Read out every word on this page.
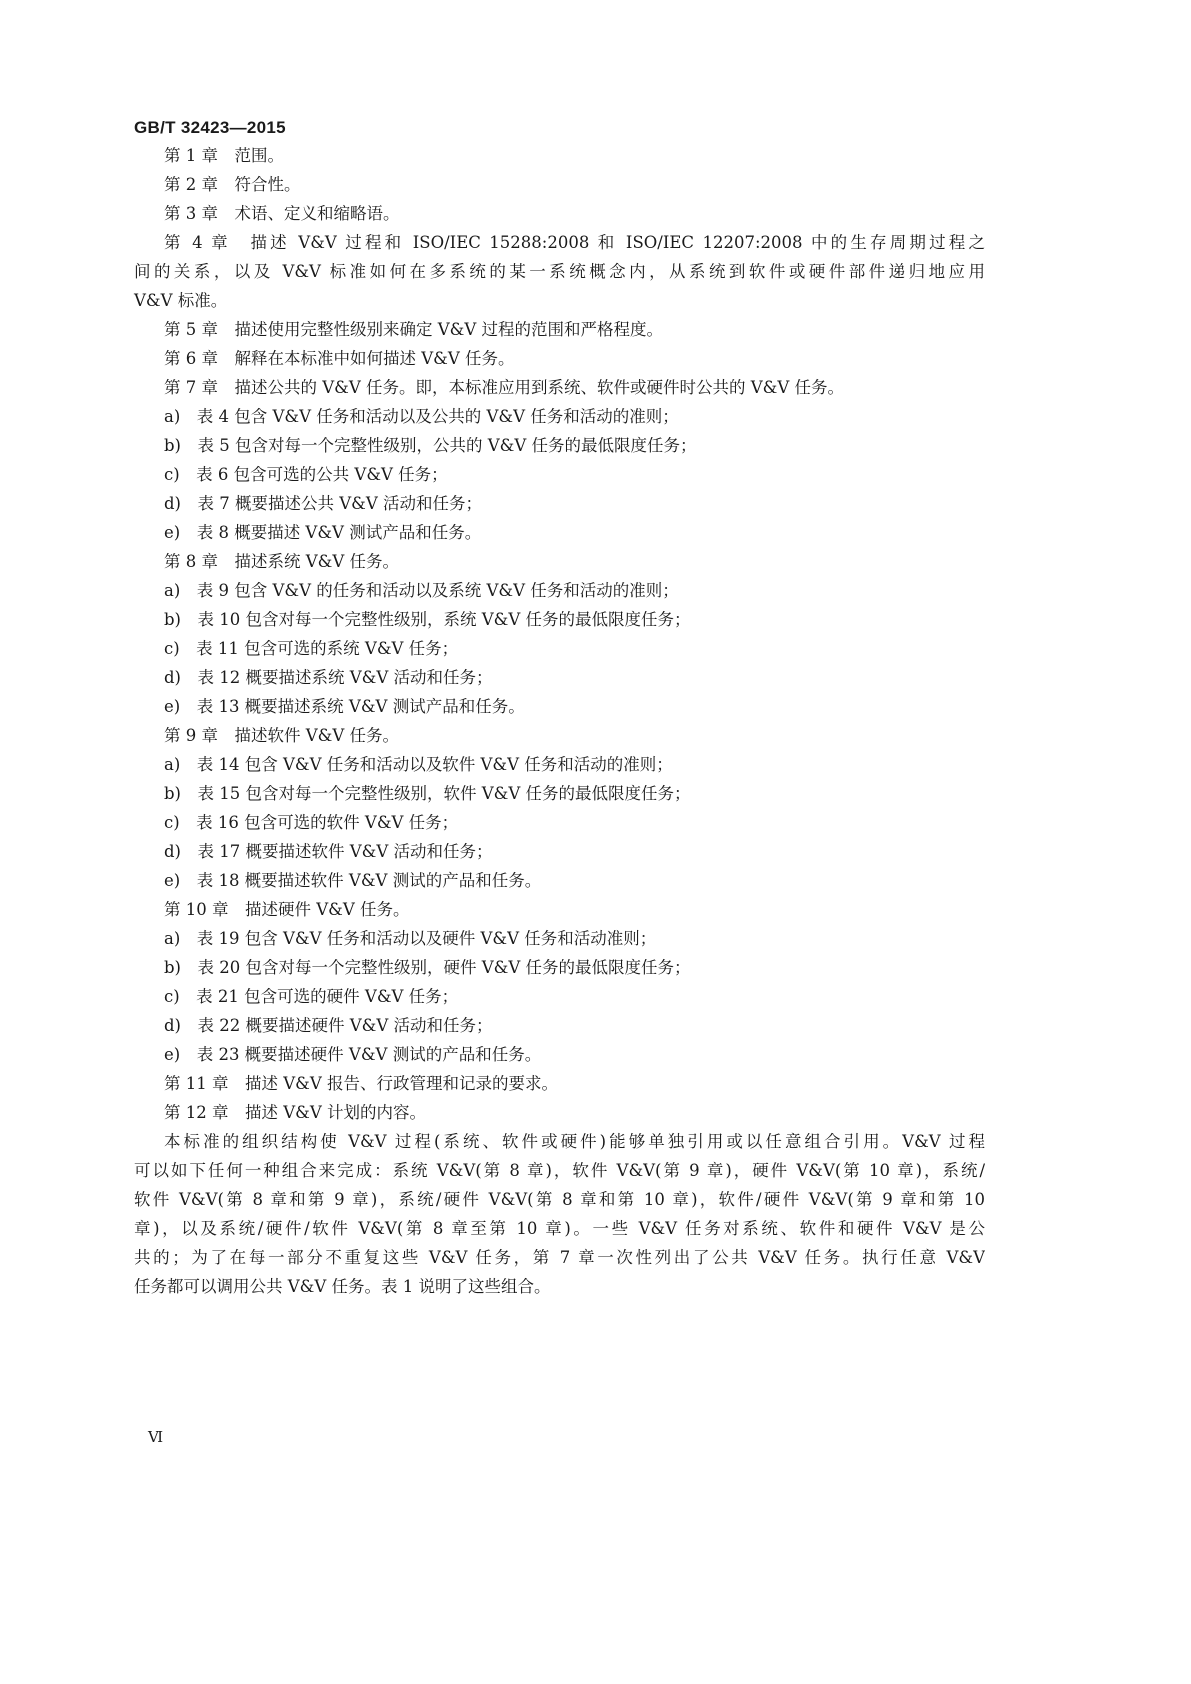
GB/T 32423—2015
第 1 章　范围。
第 2 章　符合性。
第 3 章　术语、定义和缩略语。
第 4 章　描述 V&V 过程和 ISO/IEC 15288:2008 和 ISO/IEC 12207:2008 中的生存周期过程之
间的关系，以及 V&V 标准如何在多系统的某一系统概念内，从系统到软件或硬件部件递归地应用
V&V 标准。
第 5 章　描述使用完整性级别来确定 V&V 过程的范围和严格程度。
第 6 章　解释在本标准中如何描述 V&V 任务。
第 7 章　描述公共的 V&V 任务。即，本标准应用到系统、软件或硬件时公共的 V&V 任务。
a)　表 4 包含 V&V 任务和活动以及公共的 V&V 任务和活动的准则；
b)　表 5 包含对每一个完整性级别，公共的 V&V 任务的最低限度任务；
c)　表 6 包含可选的公共 V&V 任务；
d)　表 7 概要描述公共 V&V 活动和任务；
e)　表 8 概要描述 V&V 测试产品和任务。
第 8 章　描述系统 V&V 任务。
a)　表 9 包含 V&V 的任务和活动以及系统 V&V 任务和活动的准则；
b)　表 10 包含对每一个完整性级别，系统 V&V 任务的最低限度任务；
c)　表 11 包含可选的系统 V&V 任务；
d)　表 12 概要描述系统 V&V 活动和任务；
e)　表 13 概要描述系统 V&V 测试产品和任务。
第 9 章　描述软件 V&V 任务。
a)　表 14 包含 V&V 任务和活动以及软件 V&V 任务和活动的准则；
b)　表 15 包含对每一个完整性级别，软件 V&V 任务的最低限度任务；
c)　表 16 包含可选的软件 V&V 任务；
d)　表 17 概要描述软件 V&V 活动和任务；
e)　表 18 概要描述软件 V&V 测试的产品和任务。
第 10 章　描述硬件 V&V 任务。
a)　表 19 包含 V&V 任务和活动以及硬件 V&V 任务和活动准则；
b)　表 20 包含对每一个完整性级别，硬件 V&V 任务的最低限度任务；
c)　表 21 包含可选的硬件 V&V 任务；
d)　表 22 概要描述硬件 V&V 活动和任务；
e)　表 23 概要描述硬件 V&V 测试的产品和任务。
第 11 章　描述 V&V 报告、行政管理和记录的要求。
第 12 章　描述 V&V 计划的内容。
本标准的组织结构使 V&V 过程(系统、软件或硬件)能够单独引用或以任意组合引用。V&V 过程
可以如下任何一种组合来完成：系统 V&V(第 8 章)，软件 V&V(第 9 章)，硬件 V&V(第 10 章)，系统/
软件 V&V(第 8 章和第 9 章)，系统/硬件 V&V(第 8 章和第 10 章)，软件/硬件 V&V(第 9 章和第 10
章)，以及系统/硬件/软件 V&V(第 8 章至第 10 章)。一些 V&V 任务对系统、软件和硬件 V&V 是公
共的；为了在每一部分不重复这些 V&V 任务，第 7 章一次性列出了公共 V&V 任务。执行任意 V&V
任务都可以调用公共 V&V 任务。表 1 说明了这些组合。
Ⅵ
